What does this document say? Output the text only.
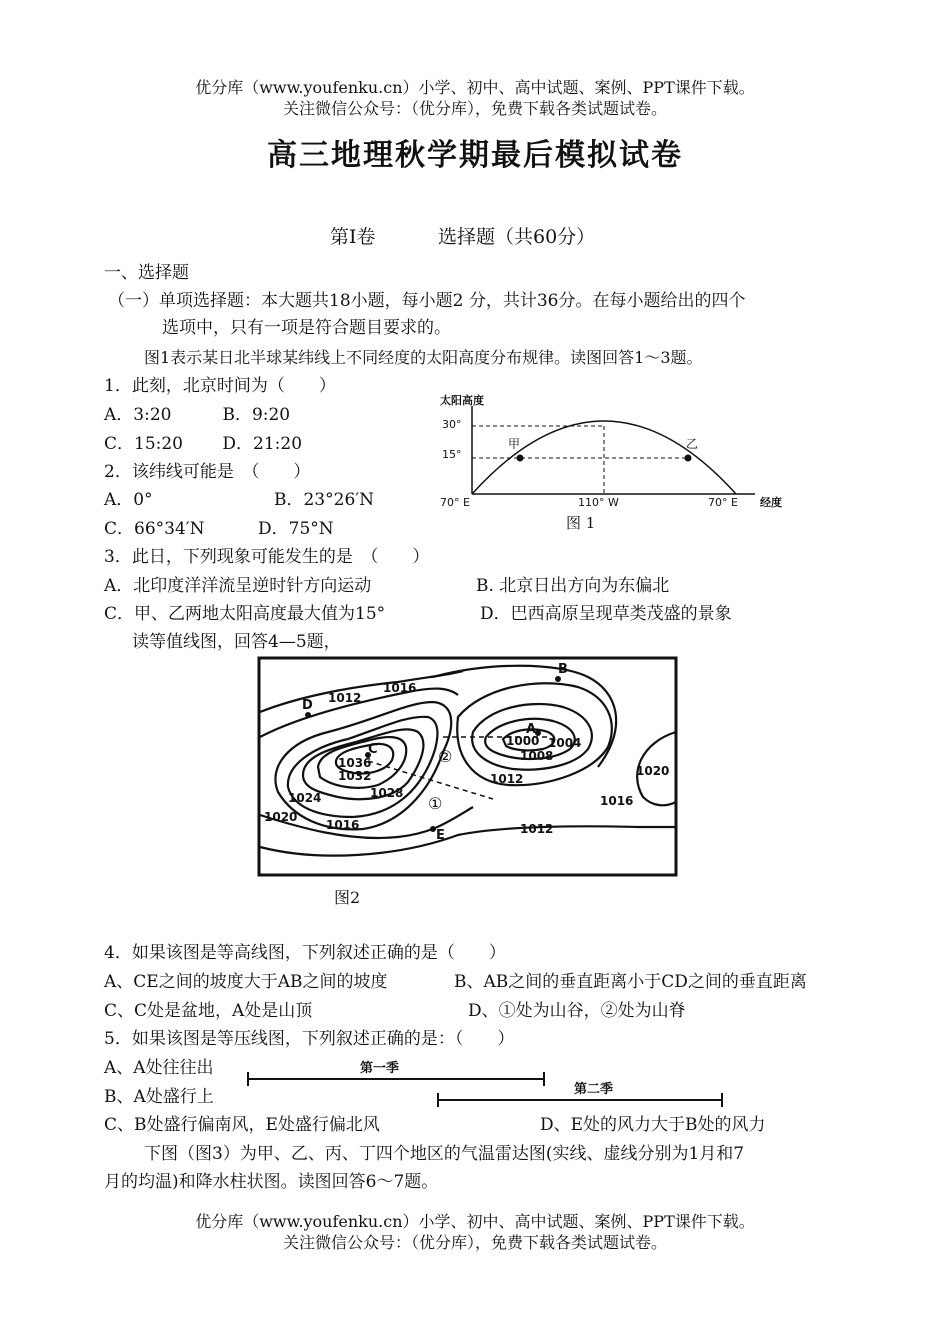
优分库（www.youfenku.cn）小学、初中、高中试题、案例、PPT课件下载。
关注微信公众号：（优分库），免费下载各类试题试卷。
高三地理秋学期最后模拟试卷
第Ⅰ卷	选择题（共60分）
一、选择题
（一）单项选择题：本大题共18小题，每小题2 分，共计36分。在每小题给出的四个
选项中，只有一项是符合题目要求的。
图1表示某日北半球某纬线上不同经度的太阳高度分布规律。读图回答1～3题。
1．此刻，北京时间为（　　）
A．3:20　　　B．9:20
C．15:20　　 D．21:20
2．该纬线可能是　（　　）
A．0°	B．23°26′N
C．66°34′N	D．75°N
太阳高度
30°
15°
70° E	110° W	70° E 经度
甲	乙
图 1
3．此日，下列现象可能发生的是　（　　）
A．北印度洋洋流呈逆时针方向运动	B. 北京日出方向为东偏北
C．甲、乙两地太阳高度最大值为15°	D．巴西高原呈现草类茂盛的景象
读等值线图，回答4—5题，
1012
1016
1036
1032
1028
1024
1020
1016	1012
1000 1004
1008
1012
1020
1016
A
B
C
D
E
①
②
图2
4．如果该图是等高线图，下列叙述正确的是（　　）
A、CE之间的坡度大于AB之间的坡度	B、AB之间的垂直距离小于CD之间的垂直距离
C、C处是盆地，A处是山顶	D、①处为山谷，②处为山脊
5．如果该图是等压线图，下列叙述正确的是：（　　）
A、A处往往出
B、A处盛行上
C、B处盛行偏南风，E处盛行偏北风	D、E处的风力大于B处的风力
第一季
第二季
下图（图3）为甲、乙、丙、丁四个地区的气温雷达图(实线、虚线分别为1月和7
月的均温)和降水柱状图。读图回答6～7题。
优分库（www.youfenku.cn）小学、初中、高中试题、案例、PPT课件下载。
关注微信公众号：（优分库），免费下载各类试题试卷。
